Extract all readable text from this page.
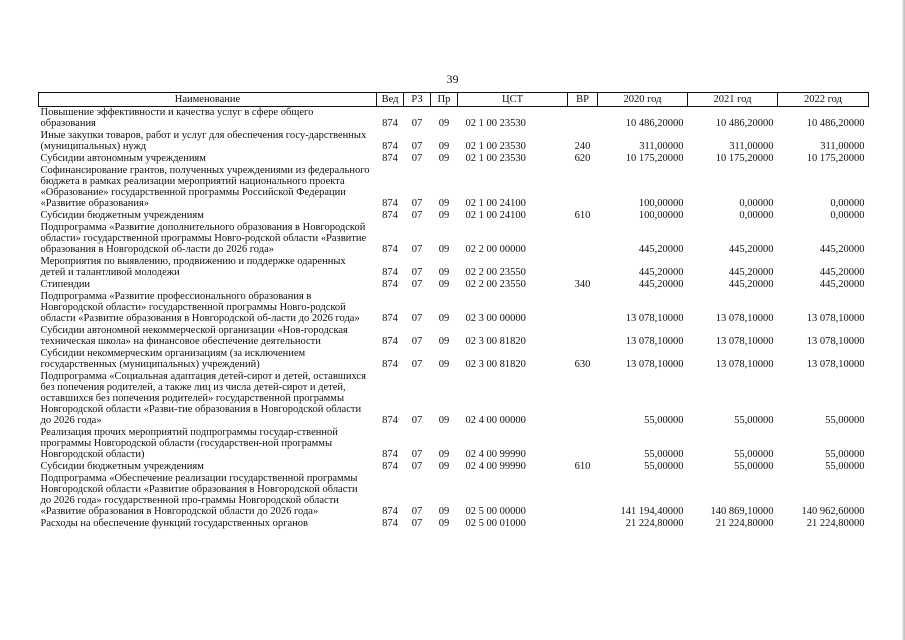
39
Наименование	Вед	РЗ	Пр	ЦСТ	ВР	2020 год	2021 год	2022 год
Повышение эффективности и качества услуг в сфере общего образования	874	07	09	02 1 00 23530		10 486,20000	10 486,20000	10 486,20000
Иные закупки товаров, работ и услуг для обеспечения госу-дарственных (муниципальных) нужд	874	07	09	02 1 00 23530	240	311,00000	311,00000	311,00000
Субсидии автономным учреждениям	874	07	09	02 1 00 23530	620	10 175,20000	10 175,20000	10 175,20000
Софинансирование грантов, полученных учреждениями из федерального бюджета в рамках реализации мероприятий национального проекта «Образование» государственной программы Российской Федерации «Развитие образования»	874	07	09	02 1 00 24100		100,00000	0,00000	0,00000
Субсидии бюджетным учреждениям	874	07	09	02 1 00 24100	610	100,00000	0,00000	0,00000
Подпрограмма «Развитие дополнительного образования в Новгородской области» государственной программы Новго-родской области «Развитие образования в Новгородской об-ласти до 2026 года»	874	07	09	02 2 00 00000		445,20000	445,20000	445,20000
Мероприятия по выявлению, продвижению и поддержке одаренных детей и талантливой молодежи	874	07	09	02 2 00 23550		445,20000	445,20000	445,20000
Стипендии	874	07	09	02 2 00 23550	340	445,20000	445,20000	445,20000
Подпрограмма «Развитие профессионального образования в Новгородской области» государственной программы Новго-родской области «Развитие образования в Новгородской об-ласти до 2026 года»	874	07	09	02 3 00 00000		13 078,10000	13 078,10000	13 078,10000
Субсидии автономной некоммерческой организации «Нов-городская техническая школа» на финансовое обеспечение деятельности	874	07	09	02 3 00 81820		13 078,10000	13 078,10000	13 078,10000
Субсидии некоммерческим организациям (за исключением государственных (муниципальных) учреждений)	874	07	09	02 3 00 81820	630	13 078,10000	13 078,10000	13 078,10000
Подпрограмма «Социальная адаптация детей-сирот и детей, оставшихся без попечения родителей, а также лиц из числа детей-сирот и детей, оставшихся без попечения родителей» государственной программы Новгородской области «Разви-тие образования в Новгородской области до 2026 года»	874	07	09	02 4 00 00000		55,00000	55,00000	55,00000
Реализация прочих мероприятий подпрограммы государ-ственной программы Новгородской области (государствен-ной программы Новгородской области)	874	07	09	02 4 00 99990		55,00000	55,00000	55,00000
Субсидии бюджетным учреждениям	874	07	09	02 4 00 99990	610	55,00000	55,00000	55,00000
Подпрограмма «Обеспечение реализации государственной программы Новгородской области «Развитие образования в Новгородской области до 2026 года» государственной про-граммы Новгородской области «Развитие образования в Новгородской области до 2026 года»	874	07	09	02 5 00 00000		141 194,40000	140 869,10000	140 962,60000
Расходы на обеспечение функций государственных органов	874	07	09	02 5 00 01000		21 224,80000	21 224,80000	21 224,80000
